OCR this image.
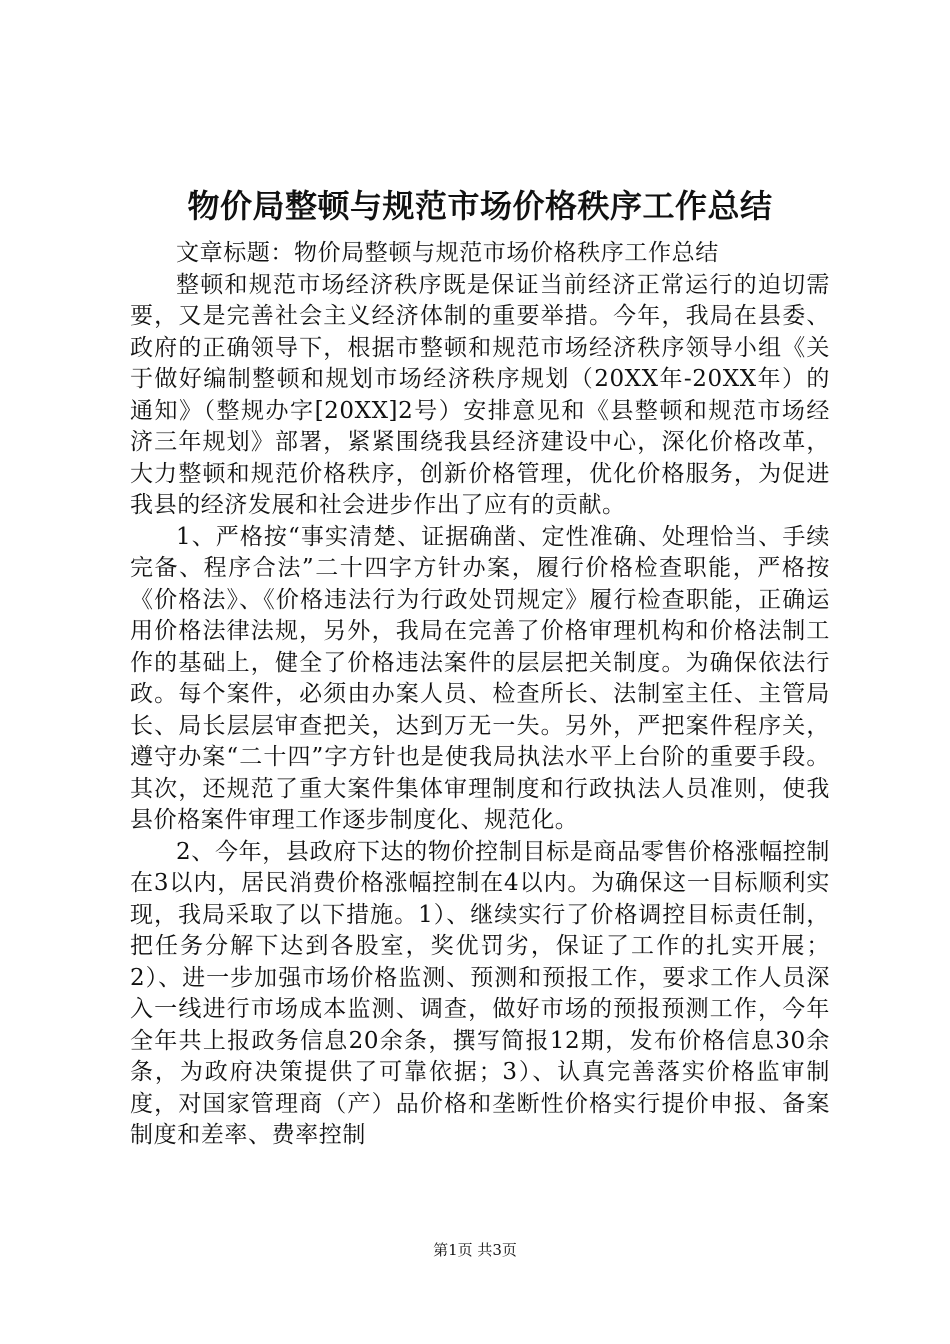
物价局整顿与规范市场价格秩序工作总结

文章标题：物价局整顿与规范市场价格秩序工作总结

整顿和规范市场经济秩序既是保证当前经济正常运行的迫切需要，又是完善社会主义经济体制的重要举措。今年，我局在县委、政府的正确领导下，根据市整顿和规范市场经济秩序领导小组《关于做好编制整顿和规划市场经济秩序规划（20XX年-20XX年）的通知》（整规办字[20XX]2号）安排意见和《县整顿和规范市场经济三年规划》部署，紧紧围绕我县经济建设中心，深化价格改革，大力整顿和规范价格秩序，创新价格管理，优化价格服务，为促进我县的经济发展和社会进步作出了应有的贡献。

1、严格按“事实清楚、证据确凿、定性准确、处理恰当、手续完备、程序合法”二十四字方针办案，履行价格检查职能，严格按《价格法》、《价格违法行为行政处罚规定》履行检查职能，正确运用价格法律法规，另外，我局在完善了价格审理机构和价格法制工作的基础上，健全了价格违法案件的层层把关制度。为确保依法行政。每个案件，必须由办案人员、检查所长、法制室主任、主管局长、局长层层审查把关，达到万无一失。另外，严把案件程序关，遵守办案“二十四”字方针也是使我局执法水平上台阶的重要手段。其次，还规范了重大案件集体审理制度和行政执法人员准则，使我县价格案件审理工作逐步制度化、规范化。

2、今年，县政府下达的物价控制目标是商品零售价格涨幅控制在3以内，居民消费价格涨幅控制在4以内。为确保这一目标顺利实现，我局采取了以下措施。1）、继续实行了价格调控目标责任制，把任务分解下达到各股室，奖优罚劣，保证了工作的扎实开展；2）、进一步加强市场价格监测、预测和预报工作，要求工作人员深入一线进行市场成本监测、调查，做好市场的预报预测工作，今年全年共上报政务信息20余条，撰写简报12期，发布价格信息30余条，为政府决策提供了可靠依据；3）、认真完善落实价格监审制度，对国家管理商（产）品价格和垄断性价格实行提价申报、备案制度和差率、费率控制

第1页 共3页
